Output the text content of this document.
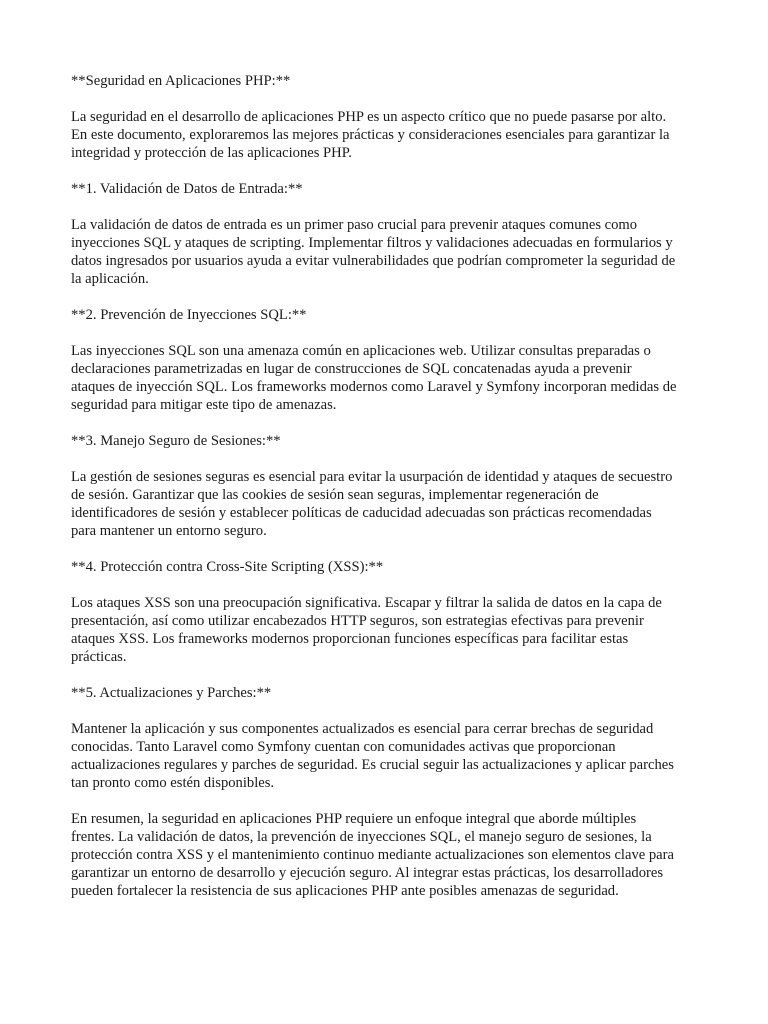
**Seguridad en Aplicaciones PHP:**

La seguridad en el desarrollo de aplicaciones PHP es un aspecto crítico que no puede pasarse por alto.
En este documento, exploraremos las mejores prácticas y consideraciones esenciales para garantizar la
integridad y protección de las aplicaciones PHP.

**1. Validación de Datos de Entrada:**

La validación de datos de entrada es un primer paso crucial para prevenir ataques comunes como
inyecciones SQL y ataques de scripting. Implementar filtros y validaciones adecuadas en formularios y
datos ingresados por usuarios ayuda a evitar vulnerabilidades que podrían comprometer la seguridad de
la aplicación.

**2. Prevención de Inyecciones SQL:**

Las inyecciones SQL son una amenaza común en aplicaciones web. Utilizar consultas preparadas o
declaraciones parametrizadas en lugar de construcciones de SQL concatenadas ayuda a prevenir
ataques de inyección SQL. Los frameworks modernos como Laravel y Symfony incorporan medidas de
seguridad para mitigar este tipo de amenazas.

**3. Manejo Seguro de Sesiones:**

La gestión de sesiones seguras es esencial para evitar la usurpación de identidad y ataques de secuestro
de sesión. Garantizar que las cookies de sesión sean seguras, implementar regeneración de
identificadores de sesión y establecer políticas de caducidad adecuadas son prácticas recomendadas
para mantener un entorno seguro.

**4. Protección contra Cross-Site Scripting (XSS):**

Los ataques XSS son una preocupación significativa. Escapar y filtrar la salida de datos en la capa de
presentación, así como utilizar encabezados HTTP seguros, son estrategias efectivas para prevenir
ataques XSS. Los frameworks modernos proporcionan funciones específicas para facilitar estas
prácticas.

**5. Actualizaciones y Parches:**

Mantener la aplicación y sus componentes actualizados es esencial para cerrar brechas de seguridad
conocidas. Tanto Laravel como Symfony cuentan con comunidades activas que proporcionan
actualizaciones regulares y parches de seguridad. Es crucial seguir las actualizaciones y aplicar parches
tan pronto como estén disponibles.

En resumen, la seguridad en aplicaciones PHP requiere un enfoque integral que aborde múltiples
frentes. La validación de datos, la prevención de inyecciones SQL, el manejo seguro de sesiones, la
protección contra XSS y el mantenimiento continuo mediante actualizaciones son elementos clave para
garantizar un entorno de desarrollo y ejecución seguro. Al integrar estas prácticas, los desarrolladores
pueden fortalecer la resistencia de sus aplicaciones PHP ante posibles amenazas de seguridad.
